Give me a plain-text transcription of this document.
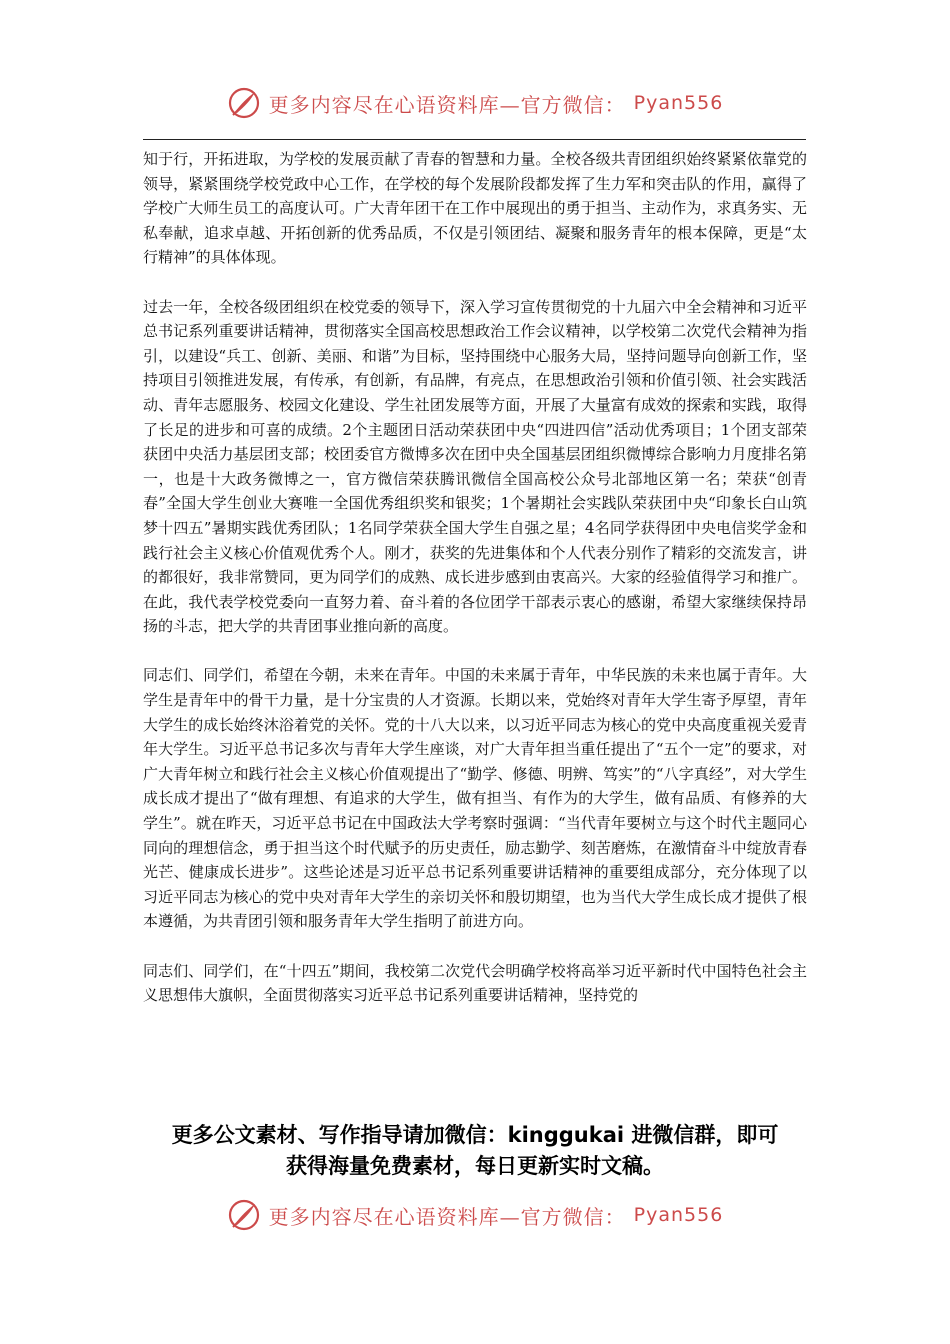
更多内容尽在心语资料库—官方微信： Pyan556

知于行，开拓进取，为学校的发展贡献了青春的智慧和力量。全校各级共青团组织始终紧紧依靠党的领导，紧紧围绕学校党政中心工作，在学校的每个发展阶段都发挥了生力军和突击队的作用，赢得了学校广大师生员工的高度认可。广大青年团干在工作中展现出的勇于担当、主动作为，求真务实、无私奉献，追求卓越、开拓创新的优秀品质，不仅是引领团结、凝聚和服务青年的根本保障，更是“太行精神”的具体体现。

过去一年，全校各级团组织在校党委的领导下，深入学习宣传贯彻党的十九届六中全会精神和习近平总书记系列重要讲话精神，贯彻落实全国高校思想政治工作会议精神，以学校第二次党代会精神为指引，以建设“兵工、创新、美丽、和谐”为目标，坚持围绕中心服务大局，坚持问题导向创新工作，坚持项目引领推进发展，有传承，有创新，有品牌，有亮点，在思想政治引领和价值引领、社会实践活动、青年志愿服务、校园文化建设、学生社团发展等方面，开展了大量富有成效的探索和实践，取得了长足的进步和可喜的成绩。2个主题团日活动荣获团中央“四进四信”活动优秀项目；1个团支部荣获团中央活力基层团支部；校团委官方微博多次在团中央全国基层团组织微博综合影响力月度排名第一，也是十大政务微博之一，官方微信荣获腾讯微信全国高校公众号北部地区第一名；荣获“创青春”全国大学生创业大赛唯一全国优秀组织奖和银奖；1个暑期社会实践队荣获团中央“印象长白山筑梦十四五”暑期实践优秀团队；1名同学荣获全国大学生自强之星；4名同学获得团中央电信奖学金和践行社会主义核心价值观优秀个人。刚才，获奖的先进集体和个人代表分别作了精彩的交流发言，讲的都很好，我非常赞同，更为同学们的成熟、成长进步感到由衷高兴。大家的经验值得学习和推广。在此，我代表学校党委向一直努力着、奋斗着的各位团学干部表示衷心的感谢，希望大家继续保持昂扬的斗志，把大学的共青团事业推向新的高度。

同志们、同学们，希望在今朝，未来在青年。中国的未来属于青年，中华民族的未来也属于青年。大学生是青年中的骨干力量，是十分宝贵的人才资源。长期以来，党始终对青年大学生寄予厚望，青年大学生的成长始终沐浴着党的关怀。党的十八大以来，以习近平同志为核心的党中央高度重视关爱青年大学生。习近平总书记多次与青年大学生座谈，对广大青年担当重任提出了“五个一定”的要求，对广大青年树立和践行社会主义核心价值观提出了“勤学、修德、明辨、笃实”的“八字真经”，对大学生成长成才提出了“做有理想、有追求的大学生，做有担当、有作为的大学生，做有品质、有修养的大学生”。就在昨天，习近平总书记在中国政法大学考察时强调：“当代青年要树立与这个时代主题同心同向的理想信念，勇于担当这个时代赋予的历史责任，励志勤学、刻苦磨炼，在激情奋斗中绽放青春光芒、健康成长进步”。这些论述是习近平总书记系列重要讲话精神的重要组成部分，充分体现了以习近平同志为核心的党中央对青年大学生的亲切关怀和殷切期望，也为当代大学生成长成才提供了根本遵循，为共青团引领和服务青年大学生指明了前进方向。

同志们、同学们，在“十四五”期间，我校第二次党代会明确学校将高举习近平新时代中国特色社会主义思想伟大旗帜，全面贯彻落实习近平总书记系列重要讲话精神，坚持党的

更多公文素材、写作指导请加微信：kinggukai 进微信群，即可
获得海量免费素材，每日更新实时文稿。
更多内容尽在心语资料库—官方微信： Pyan556
